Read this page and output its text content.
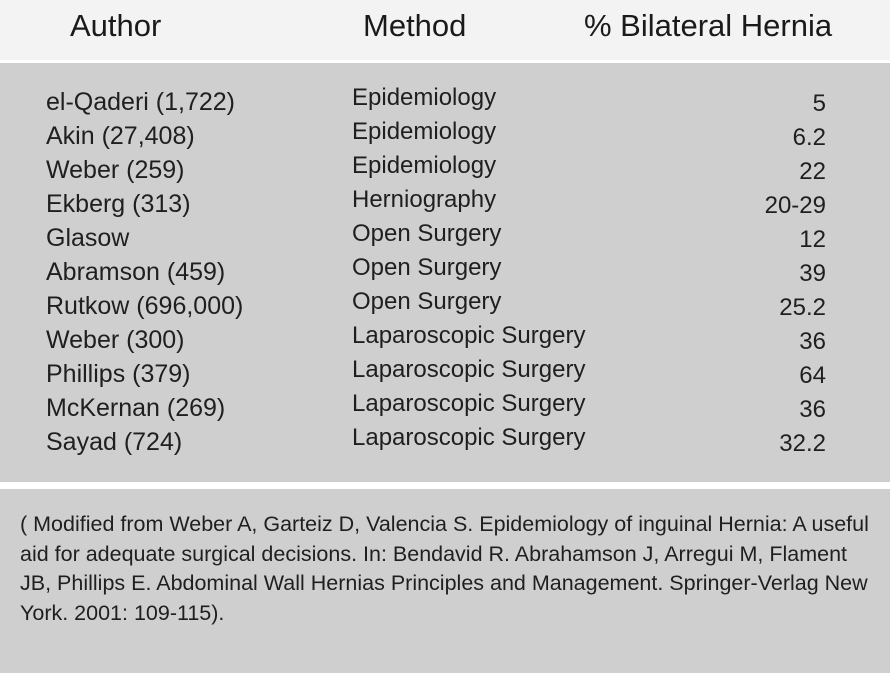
Author	Method	% Bilateral Hernia
el-Qaderi (1,722)	Epidemiology	5
Akin (27,408)	Epidemiology	6.2
Weber (259)	Epidemiology	22
Ekberg (313)	Herniography	20-29
Glasow	Open Surgery	12
Abramson (459)	Open Surgery	39
Rutkow (696,000)	Open Surgery	25.2
Weber (300)	Laparoscopic Surgery	36
Phillips (379)	Laparoscopic Surgery	64
McKernan (269)	Laparoscopic Surgery	36
Sayad (724)	Laparoscopic Surgery	32.2
( Modified from Weber A, Garteiz D, Valencia S. Epidemiology of inguinal Hernia: A useful aid for adequate surgical decisions. In: Bendavid R. Abrahamson J, Arregui M, Flament JB, Phillips E. Abdominal Wall Hernias Principles and Management. Springer-Verlag New York. 2001: 109-115).
